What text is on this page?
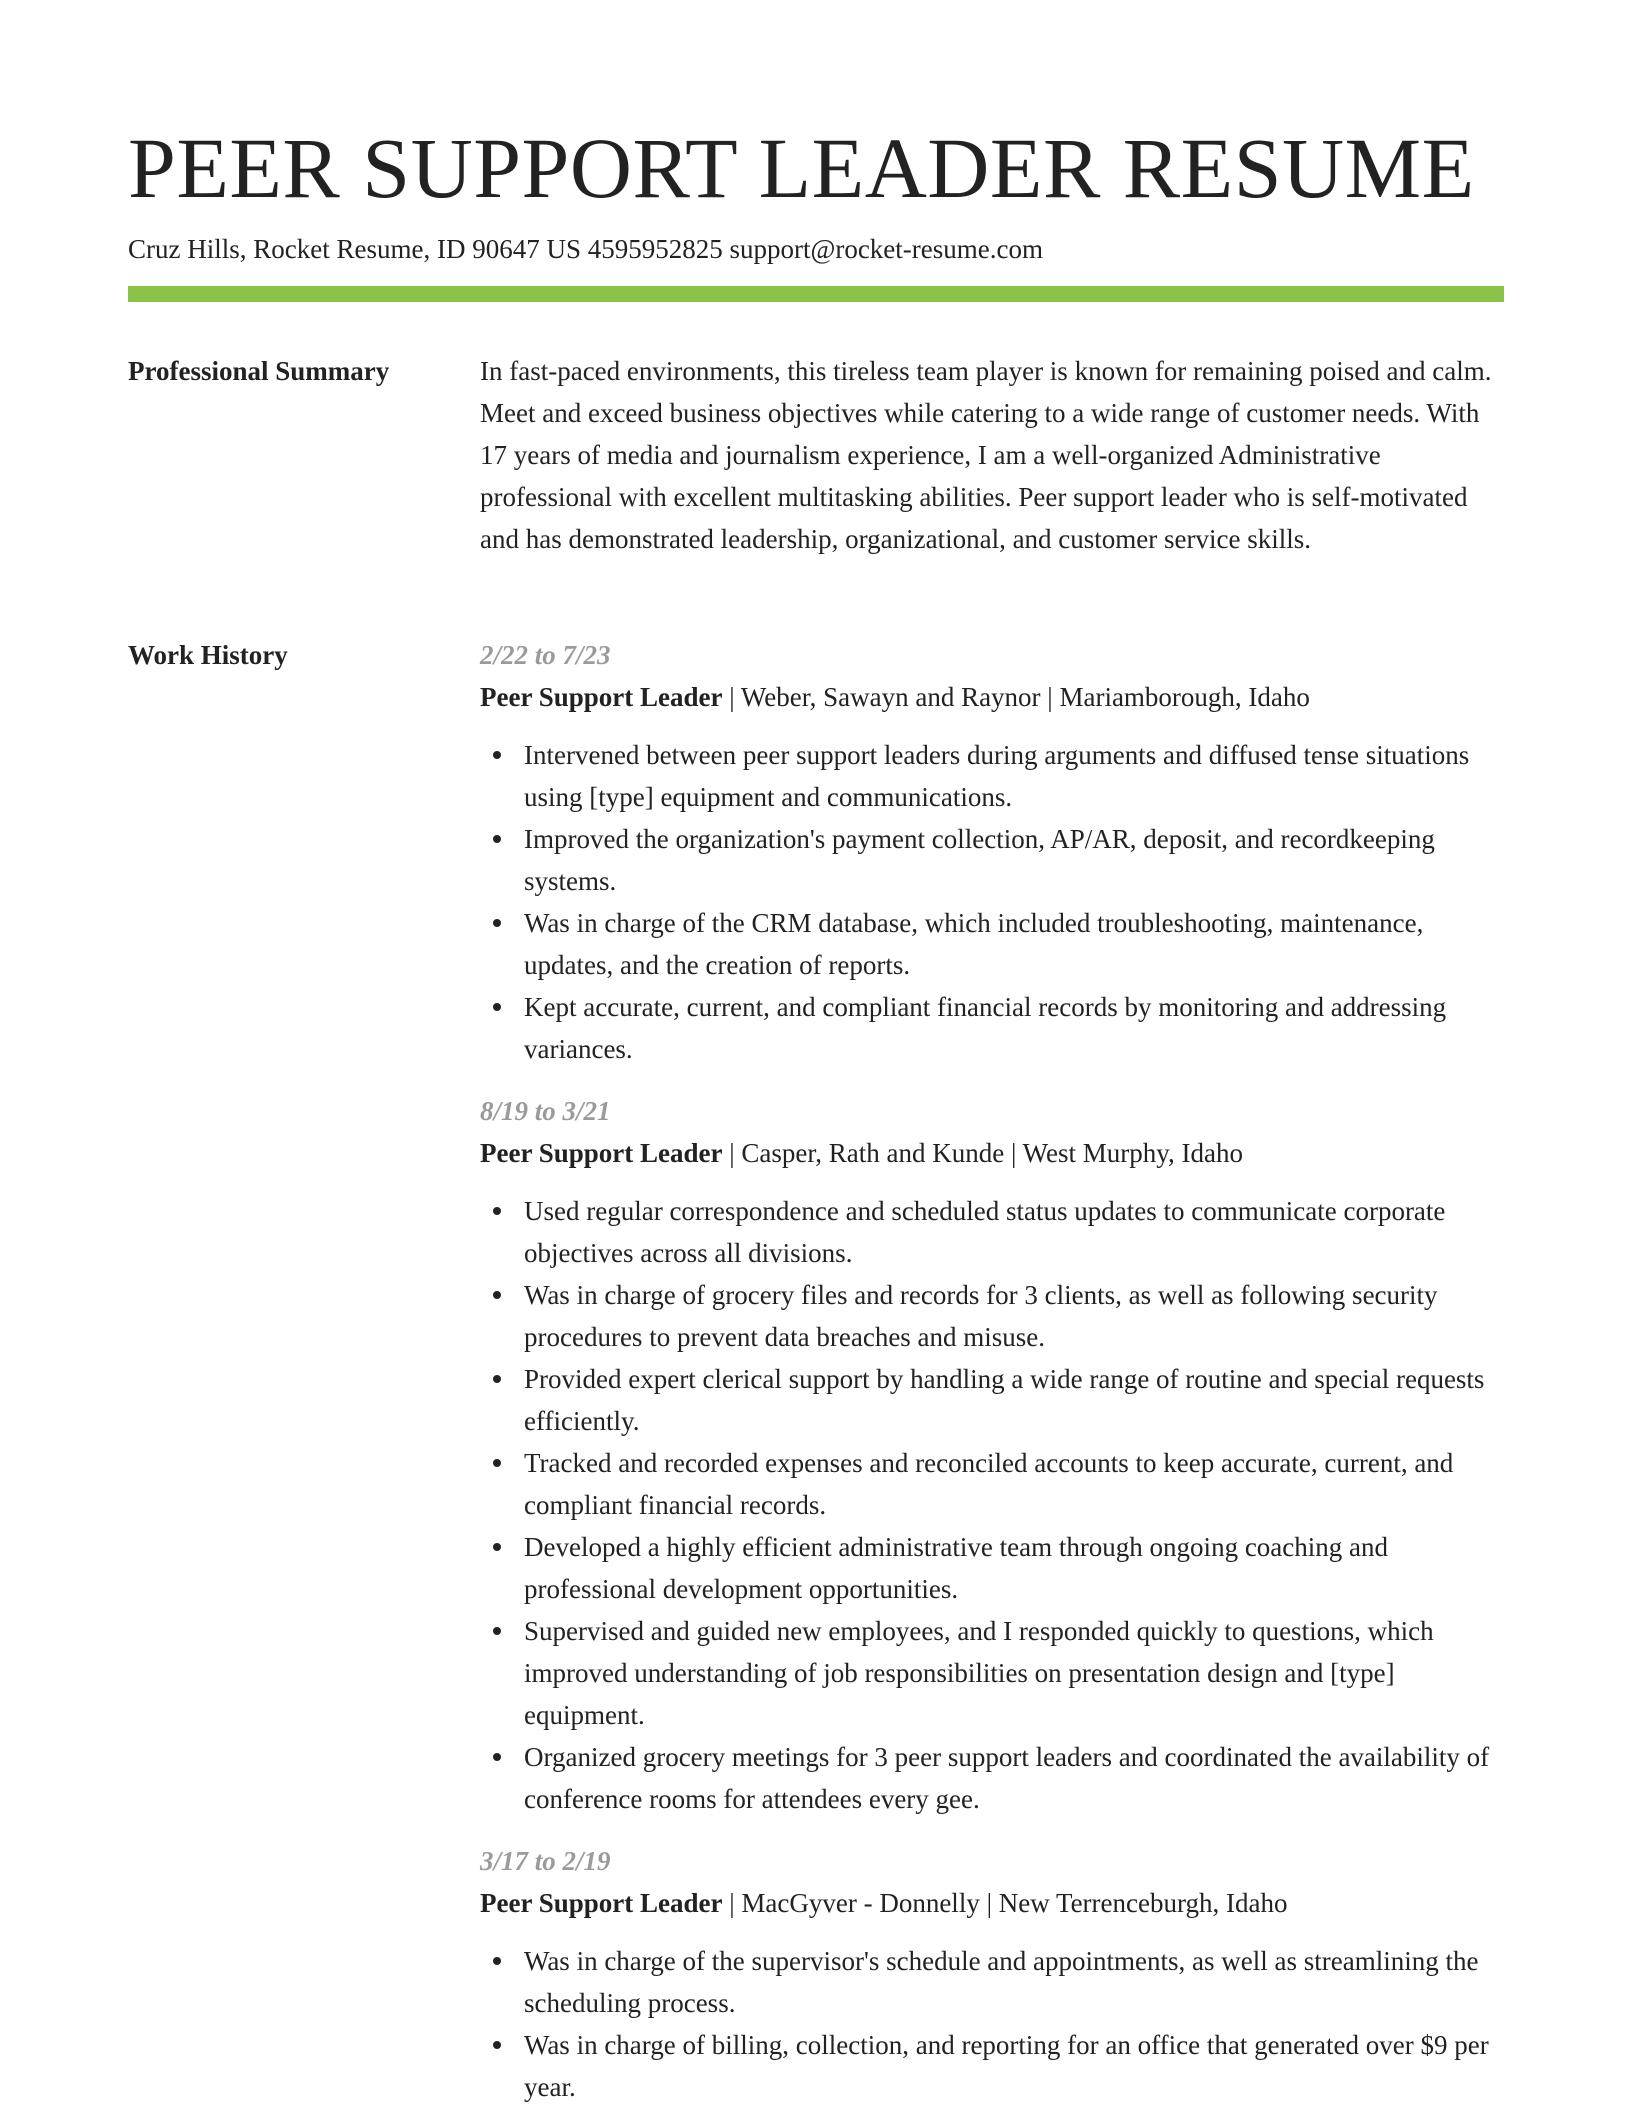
PEER SUPPORT LEADER RESUME
Cruz Hills, Rocket Resume, ID 90647 US 4595952825 support@rocket-resume.com
Professional Summary	In fast-paced environments, this tireless team player is known for remaining poised and calm. Meet and exceed business objectives while catering to a wide range of customer needs. With 17 years of media and journalism experience, I am a well-organized Administrative professional with excellent multitasking abilities. Peer support leader who is self-motivated and has demonstrated leadership, organizational, and customer service skills.

Work History	2/22 to 7/23
Peer Support Leader | Weber, Sawayn and Raynor | Mariamborough, Idaho
Intervened between peer support leaders during arguments and diffused tense situations using [type] equipment and communications.
Improved the organization's payment collection, AP/AR, deposit, and recordkeeping systems.
Was in charge of the CRM database, which included troubleshooting, maintenance, updates, and the creation of reports.
Kept accurate, current, and compliant financial records by monitoring and addressing variances.
8/19 to 3/21
Peer Support Leader | Casper, Rath and Kunde | West Murphy, Idaho
Used regular correspondence and scheduled status updates to communicate corporate objectives across all divisions.
Was in charge of grocery files and records for 3 clients, as well as following security procedures to prevent data breaches and misuse.
Provided expert clerical support by handling a wide range of routine and special requests efficiently.
Tracked and recorded expenses and reconciled accounts to keep accurate, current, and compliant financial records.
Developed a highly efficient administrative team through ongoing coaching and professional development opportunities.
Supervised and guided new employees, and I responded quickly to questions, which improved understanding of job responsibilities on presentation design and [type] equipment.
Organized grocery meetings for 3 peer support leaders and coordinated the availability of conference rooms for attendees every gee.
3/17 to 2/19
Peer Support Leader | MacGyver - Donnelly | New Terrenceburgh, Idaho
Was in charge of the supervisor's schedule and appointments, as well as streamlining the scheduling process.
Was in charge of billing, collection, and reporting for an office that generated over $9 per year.
